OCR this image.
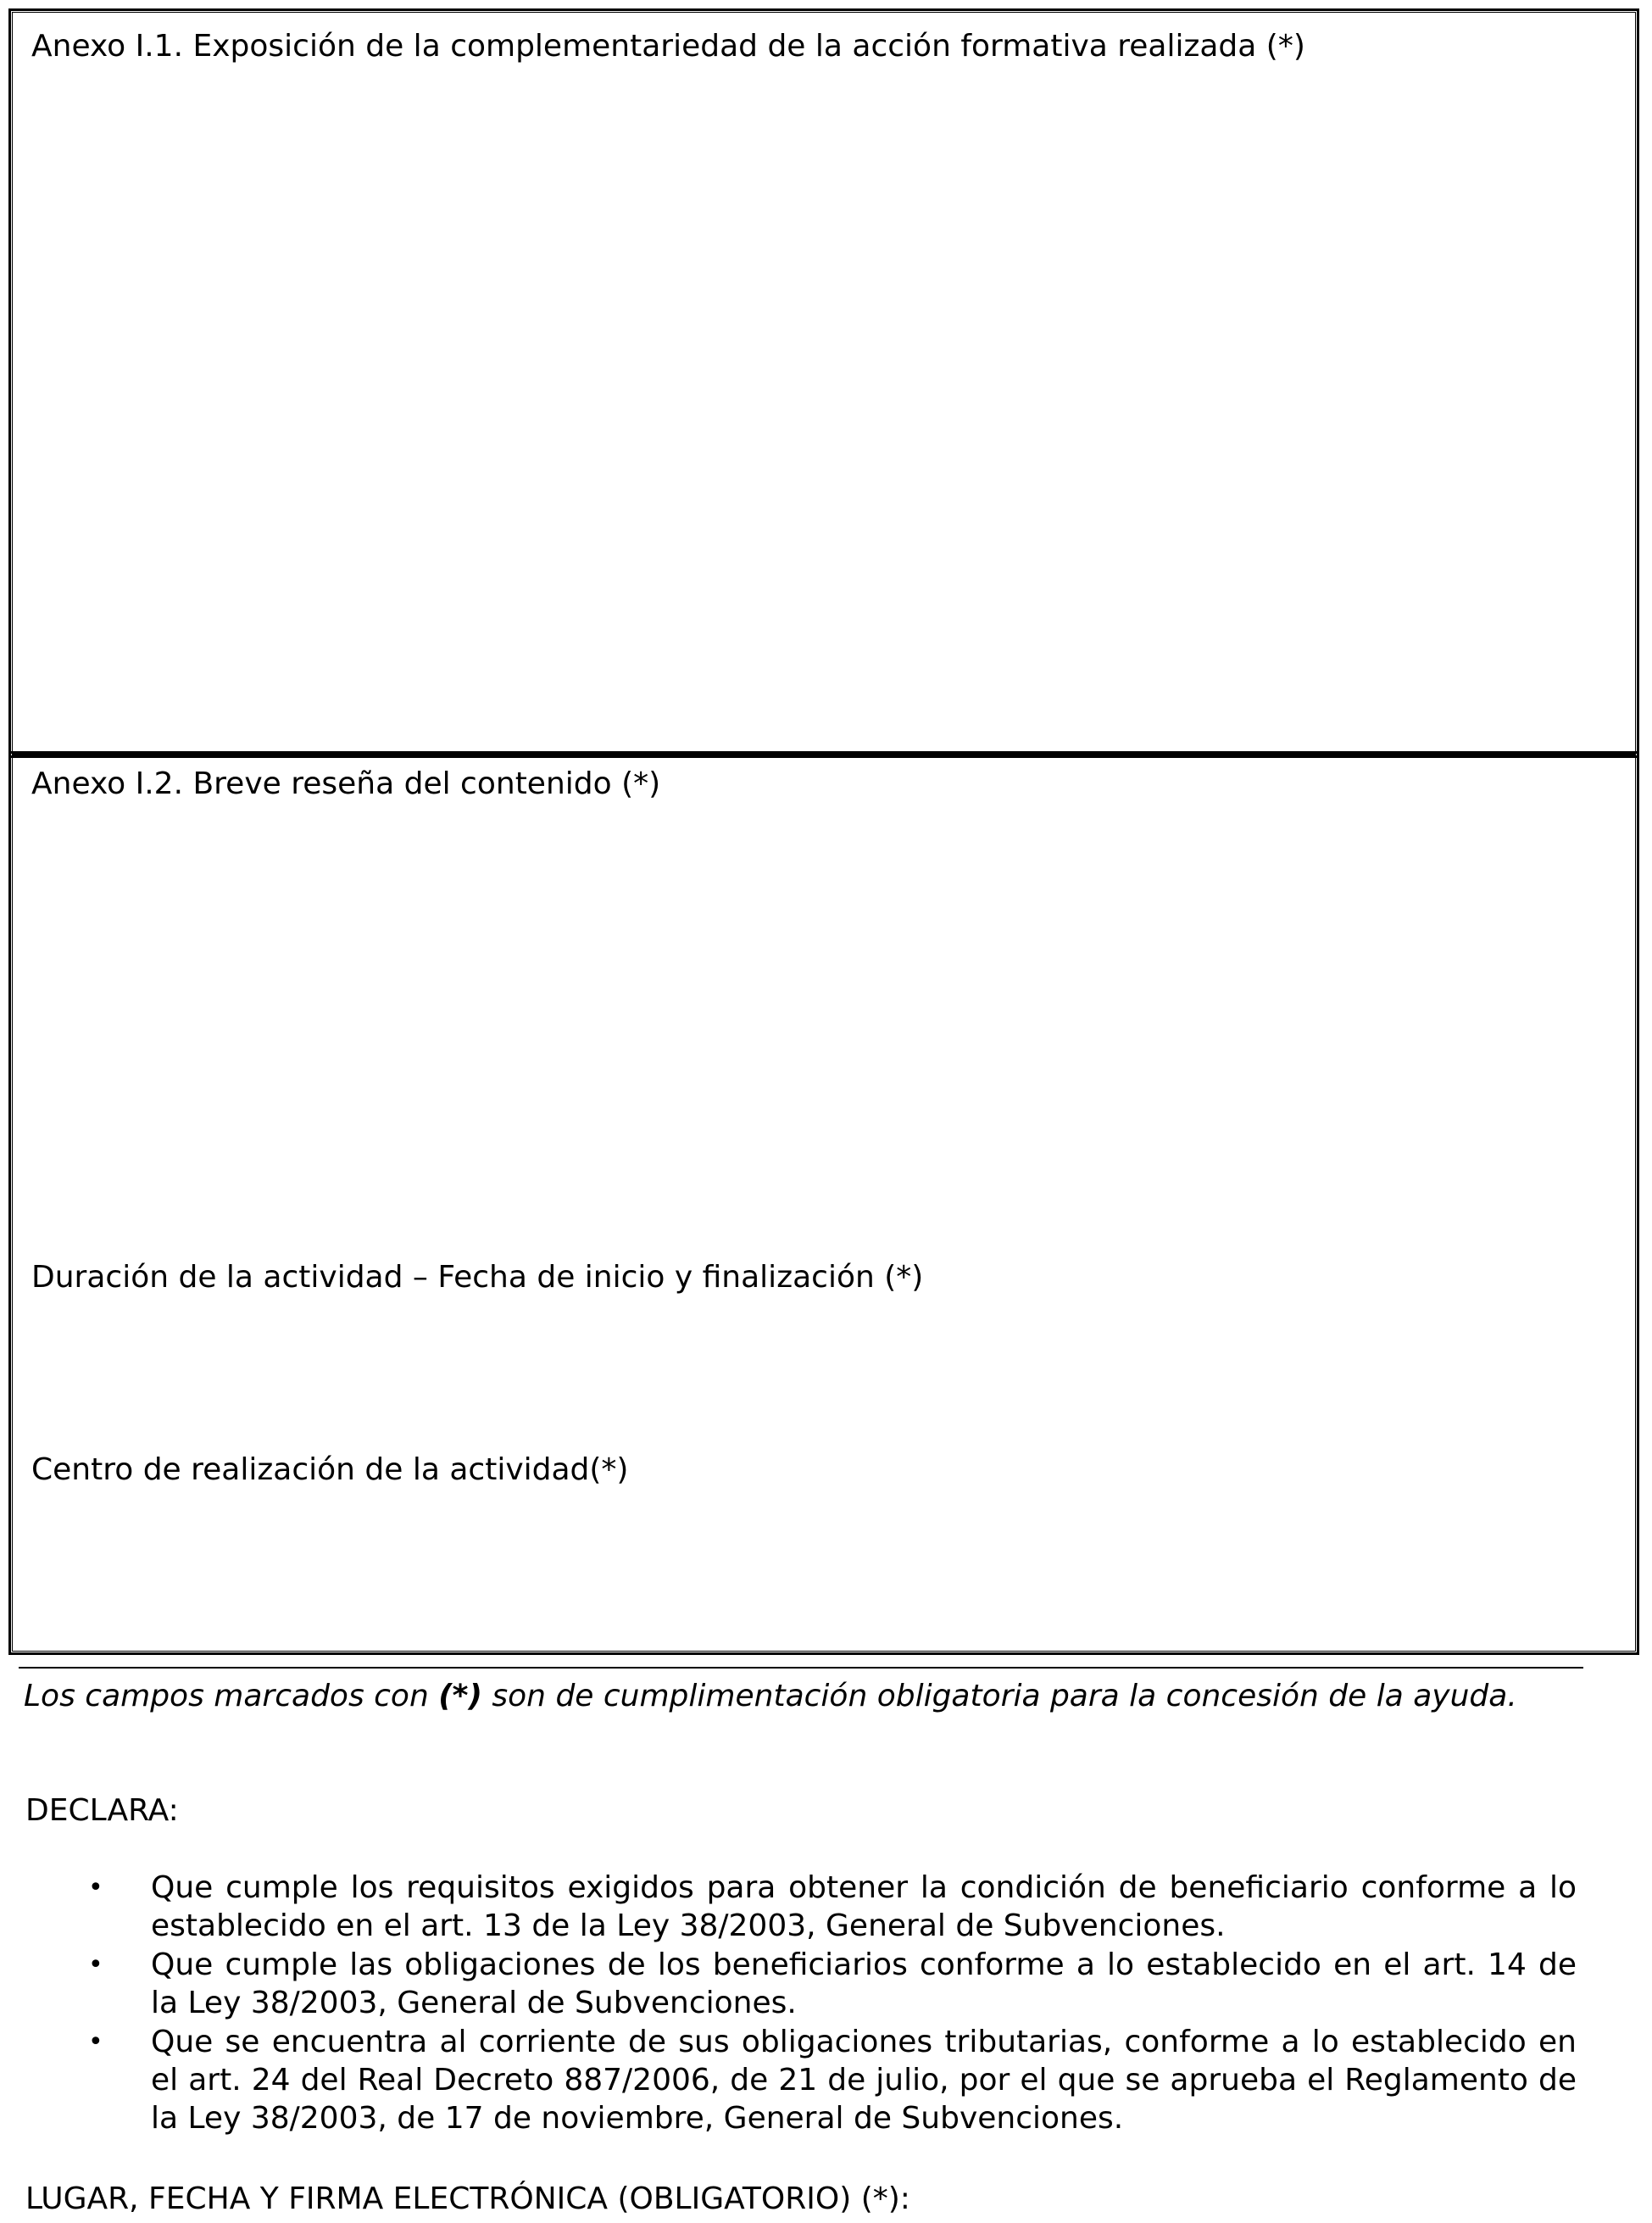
Anexo I.1. Exposición de la complementariedad de la acción formativa realizada (*)
Anexo I.2. Breve reseña del contenido (*)
Duración de la actividad – Fecha de inicio y finalización (*)
Centro de realización de la actividad(*)
Los campos marcados con (*) son de cumplimentación obligatoria para la concesión de la ayuda.
DECLARA:
• Que cumple los requisitos exigidos para obtener la condición de beneficiario conforme a lo establecido en el art. 13 de la Ley 38/2003, General de Subvenciones.
• Que cumple las obligaciones de los beneficiarios conforme a lo establecido en el art. 14 de la Ley 38/2003, General de Subvenciones.
• Que se encuentra al corriente de sus obligaciones tributarias, conforme a lo establecido en el art. 24 del Real Decreto 887/2006, de 21 de julio, por el que se aprueba el Reglamento de la Ley 38/2003, de 17 de noviembre, General de Subvenciones.
LUGAR, FECHA Y FIRMA ELECTRÓNICA (OBLIGATORIO) (*):
